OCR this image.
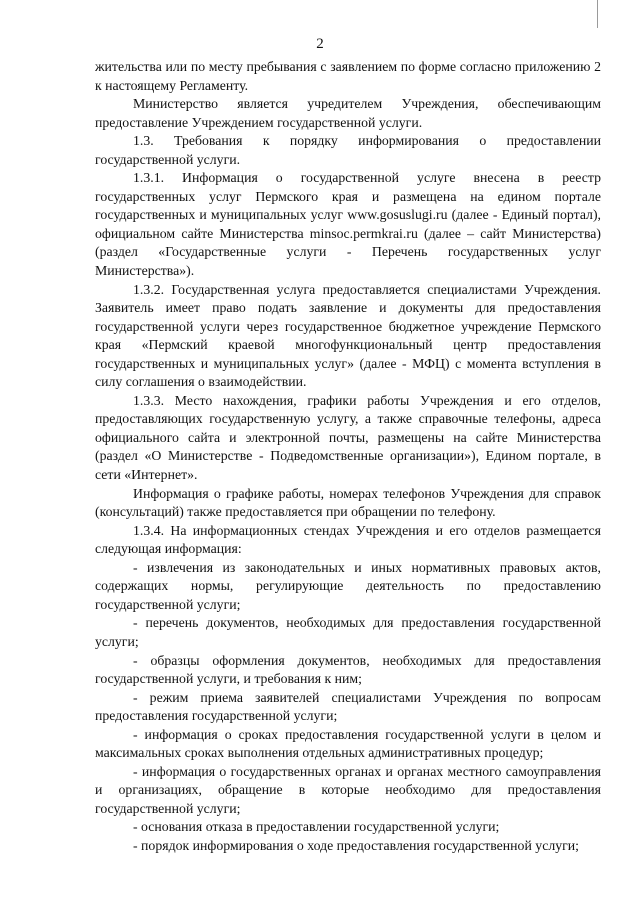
2

жительства или по месту пребывания с заявлением по форме согласно приложению 2 к настоящему Регламенту.

Министерство является учредителем Учреждения, обеспечивающим предоставление Учреждением государственной услуги.

1.3. Требования к порядку информирования о предоставлении государственной услуги.

1.3.1. Информация о государственной услуге внесена в реестр государственных услуг Пермского края и размещена на едином портале государственных и муниципальных услуг www.gosuslugi.ru (далее - Единый портал), официальном сайте Министерства minsoc.permkrai.ru (далее – сайт Министерства) (раздел «Государственные услуги - Перечень государственных услуг Министерства»).

1.3.2. Государственная услуга предоставляется специалистами Учреждения. Заявитель имеет право подать заявление и документы для предоставления государственной услуги через государственное бюджетное учреждение Пермского края «Пермский краевой многофункциональный центр предоставления государственных и муниципальных услуг» (далее - МФЦ) с момента вступления в силу соглашения о взаимодействии.

1.3.3. Место нахождения, графики работы Учреждения и его отделов, предоставляющих государственную услугу, а также справочные телефоны, адреса официального сайта и электронной почты, размещены на сайте Министерства (раздел «О Министерстве - Подведомственные организации»), Едином портале, в сети «Интернет».

Информация о графике работы, номерах телефонов Учреждения для справок (консультаций) также предоставляется при обращении по телефону.

1.3.4. На информационных стендах Учреждения и его отделов размещается следующая информация:

- извлечения из законодательных и иных нормативных правовых актов, содержащих нормы, регулирующие деятельность по предоставлению государственной услуги;

- перечень документов, необходимых для предоставления государственной услуги;

- образцы оформления документов, необходимых для предоставления государственной услуги, и требования к ним;

- режим приема заявителей специалистами Учреждения по вопросам предоставления государственной услуги;

- информация о сроках предоставления государственной услуги в целом и максимальных сроках выполнения отдельных административных процедур;

- информация о государственных органах и органах местного самоуправления и организациях, обращение в которые необходимо для предоставления государственной услуги;

- основания отказа в предоставлении государственной услуги;

- порядок информирования о ходе предоставления государственной услуги;
